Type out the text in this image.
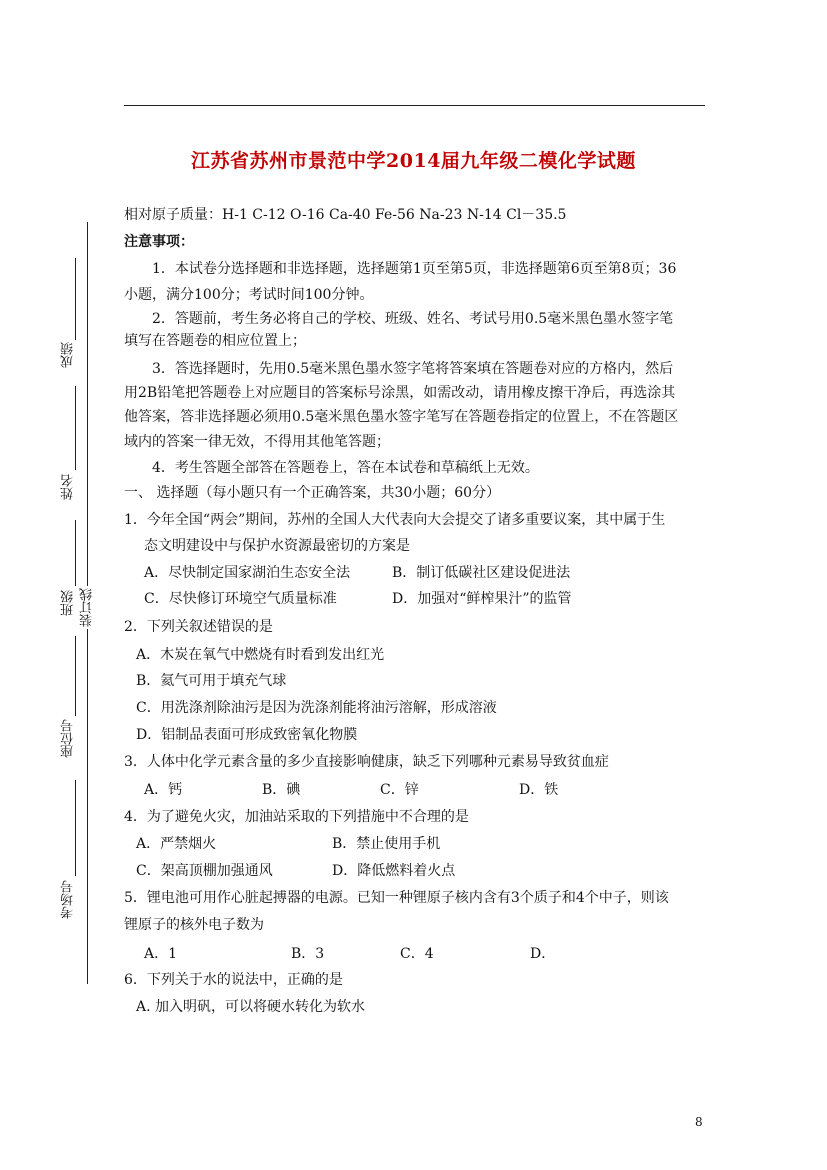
江苏省苏州市景范中学2014届九年级二模化学试题
成绩
姓名
班级 装订线
座位号
考场号
相对原子质量：H-1 C-12 O-16 Ca-40 Fe-56 Na-23 N-14 Cl－35.5
注意事项：
1．本试卷分选择题和非选择题，选择题第1页至第5页，非选择题第6页至第8页；36
小题，满分100分；考试时间100分钟。
2．答题前，考生务必将自己的学校、班级、姓名、考试号用0.5毫米黑色墨水签字笔
填写在答题卷的相应位置上；
3．答选择题时，先用0.5毫米黑色墨水签字笔将答案填在答题卷对应的方格内，然后
用2B铅笔把答题卷上对应题目的答案标号涂黑，如需改动，请用橡皮擦干净后，再选涂其
他答案，答非选择题必须用0.5毫米黑色墨水签字笔写在答题卷指定的位置上，不在答题区
域内的答案一律无效，不得用其他笔答题；
4．考生答题全部答在答题卷上，答在本试卷和草稿纸上无效。
一、 选择题（每小题只有一个正确答案，共30小题；60分）
1．今年全国“两会”期间，苏州的全国人大代表向大会提交了诸多重要议案，其中属于生
态文明建设中与保护水资源最密切的方案是
A．尽快制定国家湖泊生态安全法	B．制订低碳社区建设促进法
C．尽快修订环境空气质量标准	D．加强对“鲜榨果汁”的监管
2．下列关叙述错误的是
A．木炭在氧气中燃烧有时看到发出红光
B．氦气可用于填充气球
C．用洗涤剂除油污是因为洗涤剂能将油污溶解，形成溶液
D．铝制品表面可形成致密氧化物膜
3．人体中化学元素含量的多少直接影响健康，缺乏下列哪种元素易导致贫血症
A．钙	B．碘	C．锌	D．铁
4．为了避免火灾，加油站采取的下列措施中不合理的是
A．严禁烟火	B．禁止使用手机
C．架高顶棚加强通风	D．降低燃料着火点
5．锂电池可用作心脏起搏器的电源。已知一种锂原子核内含有3个质子和4个中子，则该
锂原子的核外电子数为
A．1	B．3	C．4	D．
6．下列关于水的说法中，正确的是
A. 加入明矾，可以将硬水转化为软水
8
